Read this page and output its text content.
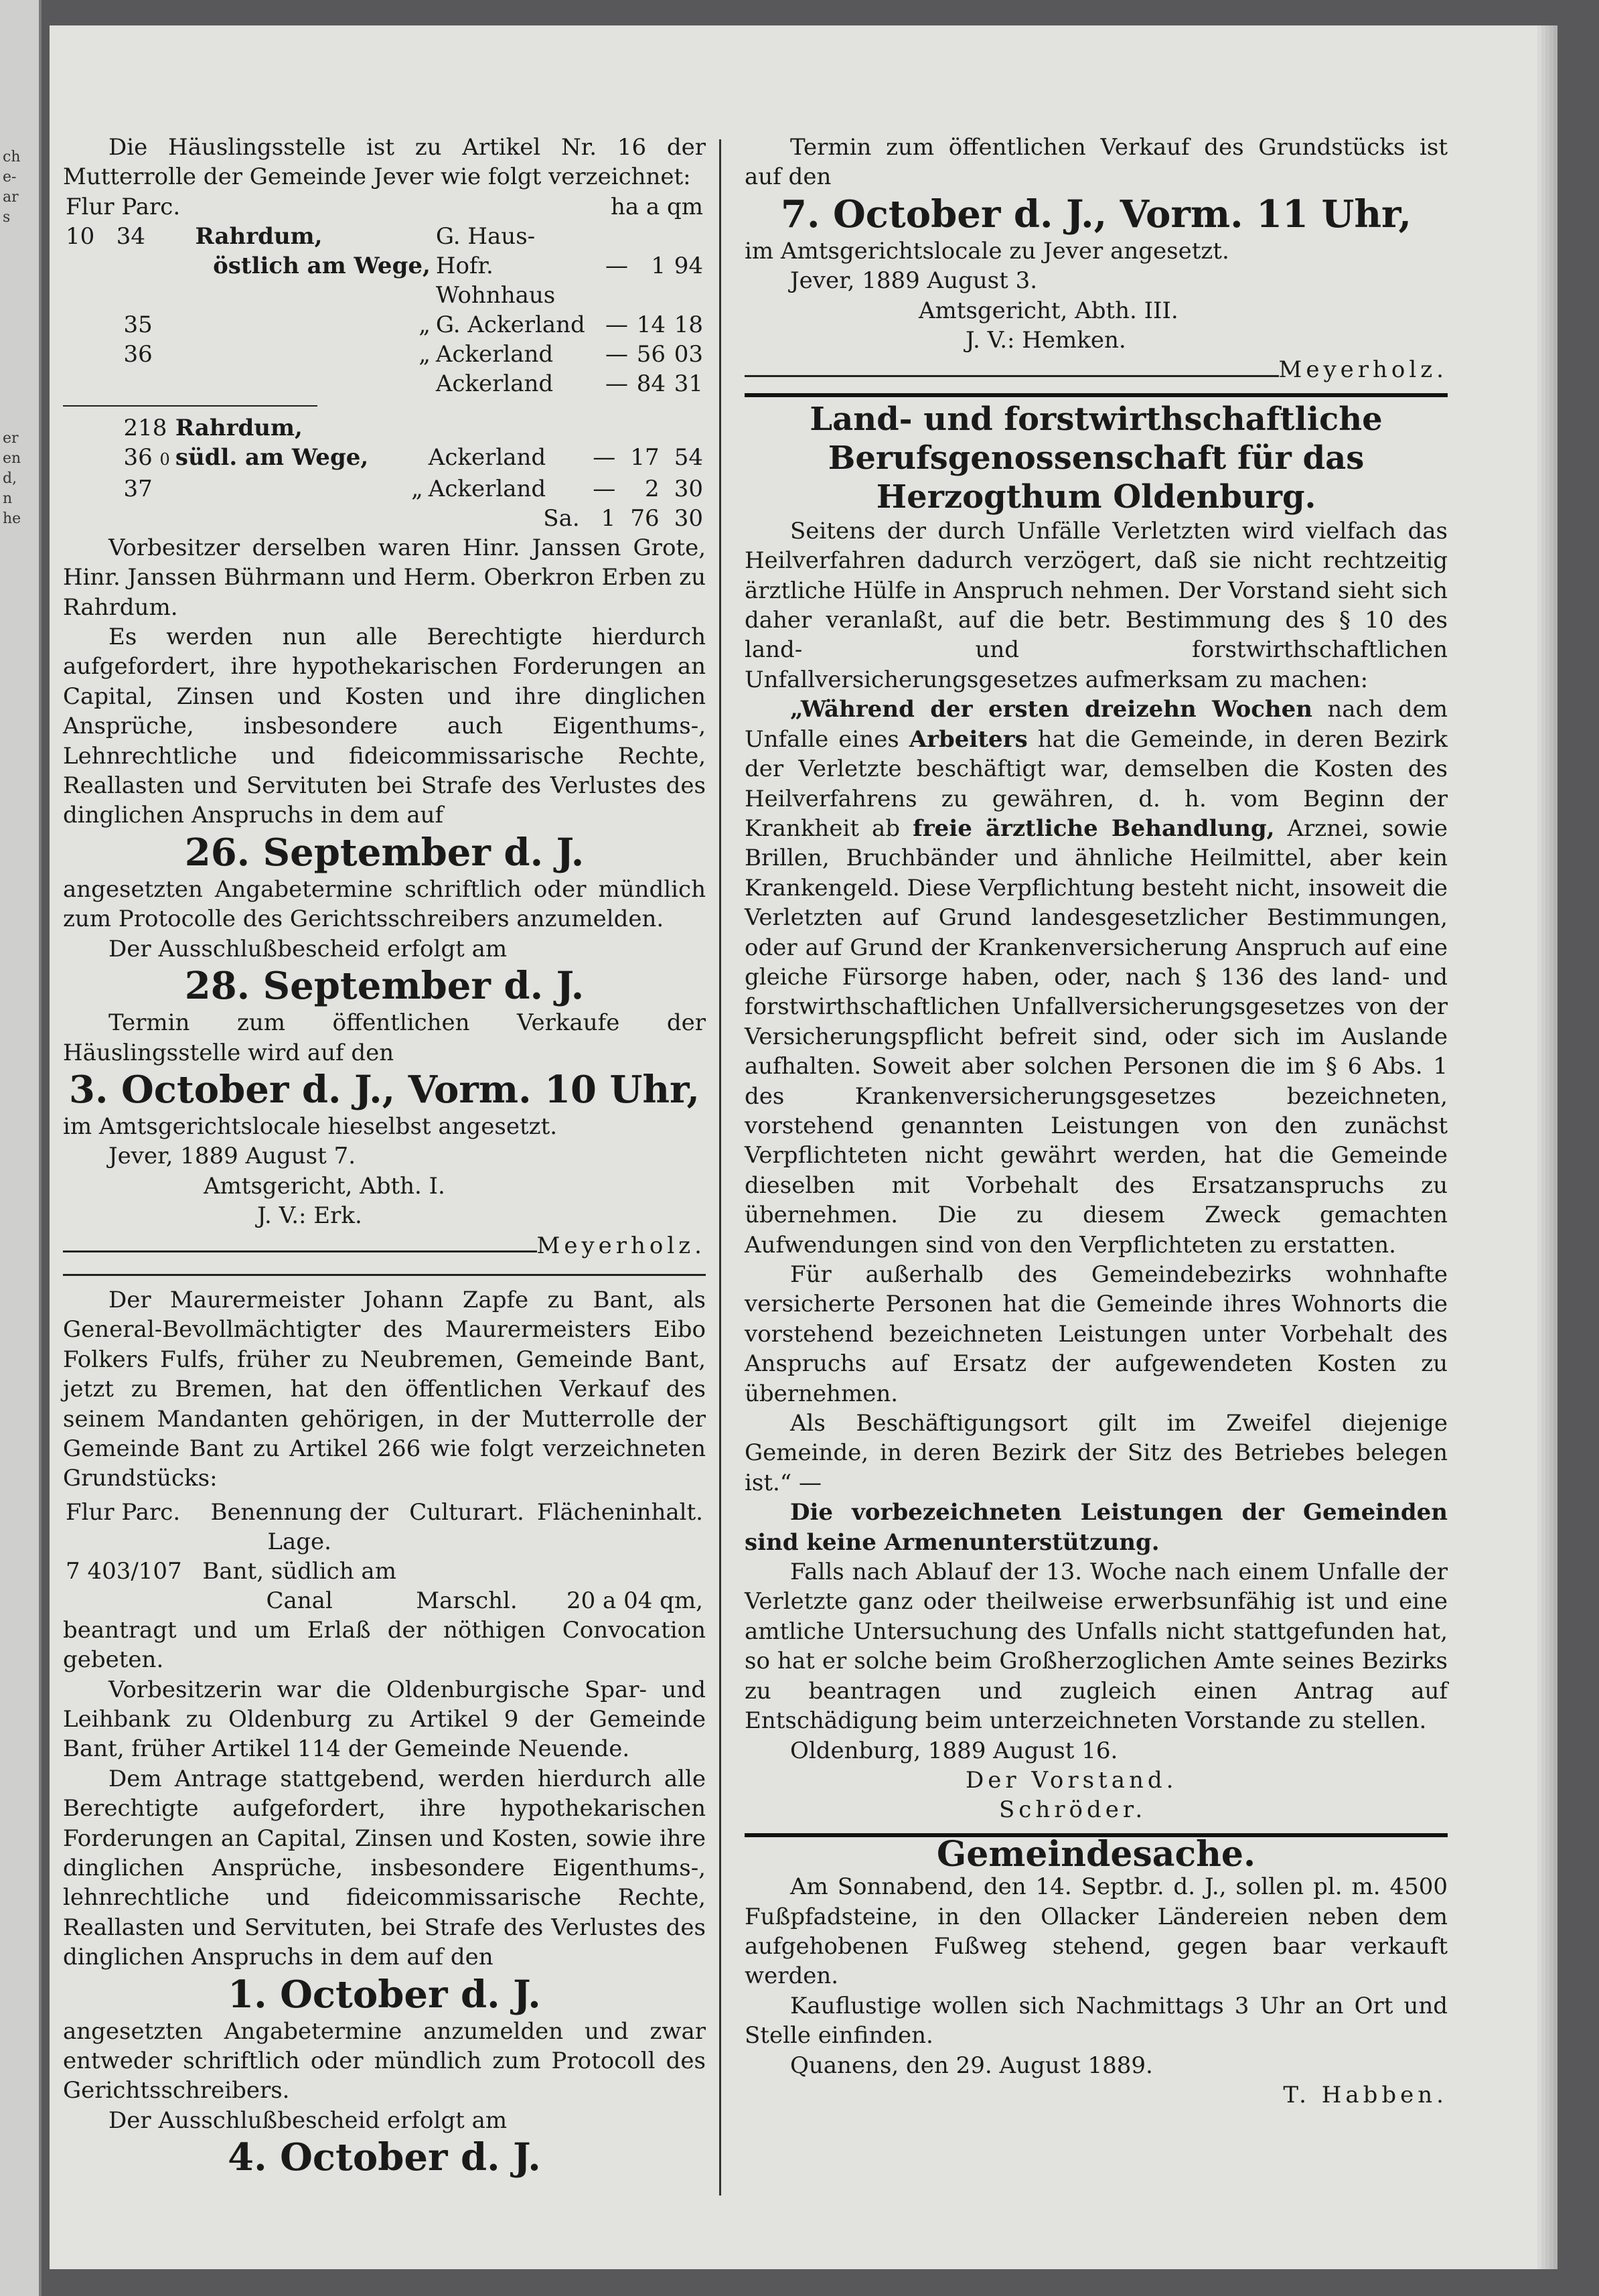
ch
e-
ar
s
er
en
d,
n
he

Die Häuslingsstelle ist zu Artikel Nr. 16 der Mutterrolle der Gemeinde Jever wie folgt verzeichnet:

Flur Parc.			ha a qm		
10 34	Rahrdum,	G. Haus-			
	östlich am Wege,	Hofr.	—	1	94
		Wohnhaus			
35	„	G. Ackerland	—	14	18
36	„	Ackerland	—	56	03
		Ackerland	—	84	31
218	Rahrdum,				
36 0	südl. am Wege,	Ackerland	—	17	54
37	„	Ackerland	—	2	30
		Sa.	1	76	30

Vorbesitzer derselben waren Hinr. Janssen Grote, Hinr. Janssen Bührmann und Herm. Oberkron Erben zu Rahrdum.

Es werden nun alle Berechtigte hierdurch aufgefordert, ihre hypothekarischen Forderungen an Capital, Zinsen und Kosten und ihre dinglichen Ansprüche, insbesondere auch Eigenthums-, Lehnrechtliche und fideicommissarische Rechte, Reallasten und Servituten bei Strafe des Verlustes des dinglichen Anspruchs in dem auf

26. September d. J.

angesetzten Angabetermine schriftlich oder mündlich zum Protocolle des Gerichtsschreibers anzumelden.

Der Ausschlußbescheid erfolgt am

28. September d. J.

Termin zum öffentlichen Verkaufe der Häuslingsstelle wird auf den

3. October d. J., Vorm. 10 Uhr,

im Amtsgerichtslocale hieselbst angesetzt.

Jever, 1889 August 7.

Amtsgericht, Abth. I.

J. V.: Erk.

Meyerholz.

Der Maurermeister Johann Zapfe zu Bant, als General-Bevollmächtigter des Maurermeisters Eibo Folkers Fulfs, früher zu Neubremen, Gemeinde Bant, jetzt zu Bremen, hat den öffentlichen Verkauf des seinem Mandanten gehörigen, in der Mutterrolle der Gemeinde Bant zu Artikel 266 wie folgt verzeichneten Grundstücks:

Flur Parc.	Benennung der Lage.	Culturart.	Flächeninhalt.
7 403/107	Bant, südlich am		
	Canal	Marschl.	20 a 04 qm,

beantragt und um Erlaß der nöthigen Convocation gebeten.

Vorbesitzerin war die Oldenburgische Spar- und Leihbank zu Oldenburg zu Artikel 9 der Gemeinde Bant, früher Artikel 114 der Gemeinde Neuende.

Dem Antrage stattgebend, werden hierdurch alle Berechtigte aufgefordert, ihre hypothekarischen Forderungen an Capital, Zinsen und Kosten, sowie ihre dinglichen Ansprüche, insbesondere Eigenthums-, lehnrechtliche und fideicommissarische Rechte, Reallasten und Servituten, bei Strafe des Verlustes des dinglichen Anspruchs in dem auf den

1. October d. J.

angesetzten Angabetermine anzumelden und zwar entweder schriftlich oder mündlich zum Protocoll des Gerichtsschreibers.

Der Ausschlußbescheid erfolgt am

4. October d. J.

Termin zum öffentlichen Verkauf des Grundstücks ist auf den

7. October d. J., Vorm. 11 Uhr,

im Amtsgerichtslocale zu Jever angesetzt.

Jever, 1889 August 3.

Amtsgericht, Abth. III.

J. V.: Hemken.

Meyerholz.
Land- und forstwirthschaftliche Berufsgenossenschaft für das Herzogthum Oldenburg.

Seitens der durch Unfälle Verletzten wird vielfach das Heilverfahren dadurch verzögert, daß sie nicht rechtzeitig ärztliche Hülfe in Anspruch nehmen. Der Vorstand sieht sich daher veranlaßt, auf die betr. Bestimmung des § 10 des land- und forstwirthschaftlichen Unfallversicherungsgesetzes aufmerksam zu machen:

„Während der ersten dreizehn Wochen nach dem Unfalle eines Arbeiters hat die Gemeinde, in deren Bezirk der Verletzte beschäftigt war, demselben die Kosten des Heilverfahrens zu gewähren, d. h. vom Beginn der Krankheit ab freie ärztliche Behandlung, Arznei, sowie Brillen, Bruchbänder und ähnliche Heilmittel, aber kein Krankengeld. Diese Verpflichtung besteht nicht, insoweit die Verletzten auf Grund landesgesetzlicher Bestimmungen, oder auf Grund der Krankenversicherung Anspruch auf eine gleiche Fürsorge haben, oder, nach § 136 des land- und forstwirthschaftlichen Unfallversicherungsgesetzes von der Versicherungspflicht befreit sind, oder sich im Auslande aufhalten. Soweit aber solchen Personen die im § 6 Abs. 1 des Krankenversicherungsgesetzes bezeichneten, vorstehend genannten Leistungen von den zunächst Verpflichteten nicht gewährt werden, hat die Gemeinde dieselben mit Vorbehalt des Ersatzanspruchs zu übernehmen. Die zu diesem Zweck gemachten Aufwendungen sind von den Verpflichteten zu erstatten.

Für außerhalb des Gemeindebezirks wohnhafte versicherte Personen hat die Gemeinde ihres Wohnorts die vorstehend bezeichneten Leistungen unter Vorbehalt des Anspruchs auf Ersatz der aufgewendeten Kosten zu übernehmen.

Als Beschäftigungsort gilt im Zweifel diejenige Gemeinde, in deren Bezirk der Sitz des Betriebes belegen ist.“ —

Die vorbezeichneten Leistungen der Gemeinden sind keine Armenunterstützung.

Falls nach Ablauf der 13. Woche nach einem Unfalle der Verletzte ganz oder theilweise erwerbsunfähig ist und eine amtliche Untersuchung des Unfalls nicht stattgefunden hat, so hat er solche beim Großherzoglichen Amte seines Bezirks zu beantragen und zugleich einen Antrag auf Entschädigung beim unterzeichneten Vorstande zu stellen.

Oldenburg, 1889 August 16.

Der Vorstand.

Schröder.

Gemeindesache.

Am Sonnabend, den 14. Septbr. d. J., sollen pl. m. 4500 Fußpfadsteine, in den Ollacker Ländereien neben dem aufgehobenen Fußweg stehend, gegen baar verkauft werden.

Kauflustige wollen sich Nachmittags 3 Uhr an Ort und Stelle einfinden.

Quanens, den 29. August 1889.

T. Habben.
